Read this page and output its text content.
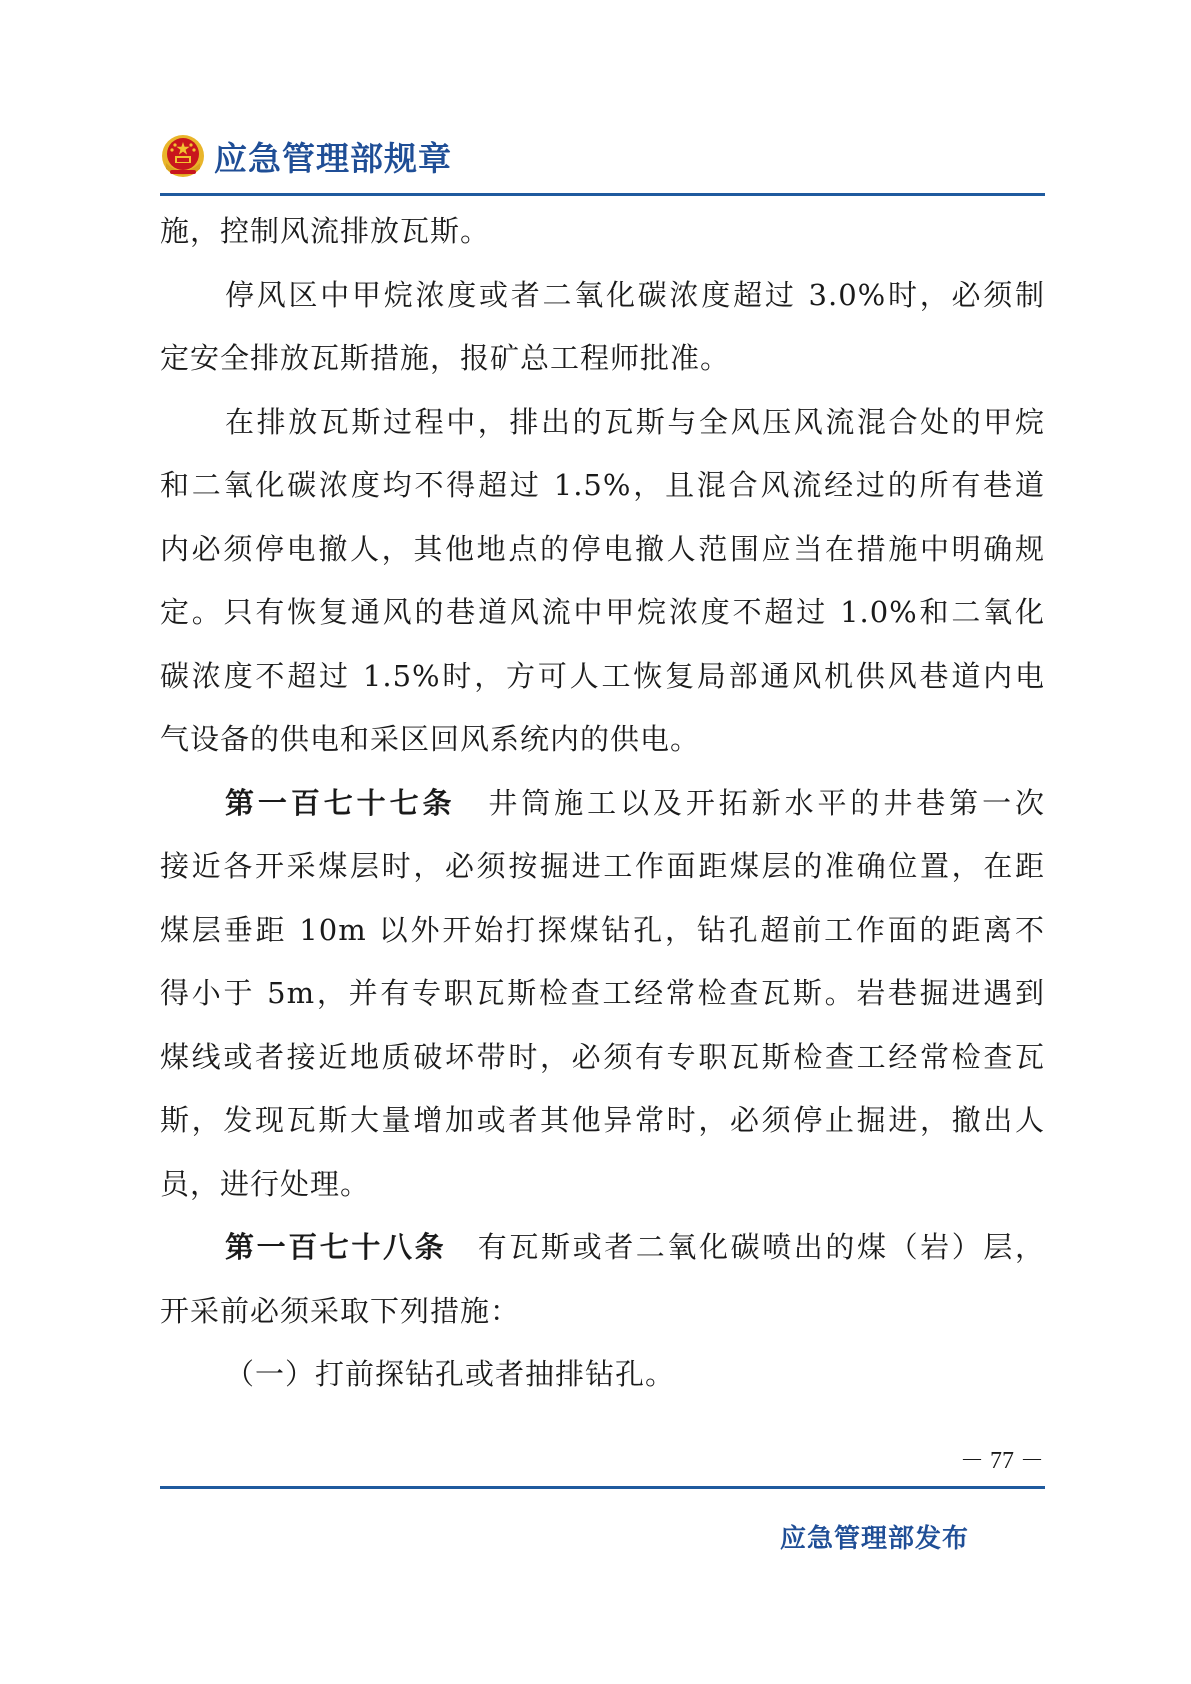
应急管理部规章
施，控制风流排放瓦斯。
停风区中甲烷浓度或者二氧化碳浓度超过 3.0%时，必须制
定安全排放瓦斯措施，报矿总工程师批准。
在排放瓦斯过程中，排出的瓦斯与全风压风流混合处的甲烷
和二氧化碳浓度均不得超过 1.5%，且混合风流经过的所有巷道
内必须停电撤人，其他地点的停电撤人范围应当在措施中明确规
定。只有恢复通风的巷道风流中甲烷浓度不超过 1.0%和二氧化
碳浓度不超过 1.5%时，方可人工恢复局部通风机供风巷道内电
气设备的供电和采区回风系统内的供电。
第一百七十七条  井筒施工以及开拓新水平的井巷第一次
接近各开采煤层时，必须按掘进工作面距煤层的准确位置，在距
煤层垂距 10m 以外开始打探煤钻孔，钻孔超前工作面的距离不
得小于 5m，并有专职瓦斯检查工经常检查瓦斯。岩巷掘进遇到
煤线或者接近地质破坏带时，必须有专职瓦斯检查工经常检查瓦
斯，发现瓦斯大量增加或者其他异常时，必须停止掘进，撤出人
员，进行处理。
第一百七十八条  有瓦斯或者二氧化碳喷出的煤（岩）层，
开采前必须采取下列措施：
（一）打前探钻孔或者抽排钻孔。
－ 77 －
应急管理部发布
